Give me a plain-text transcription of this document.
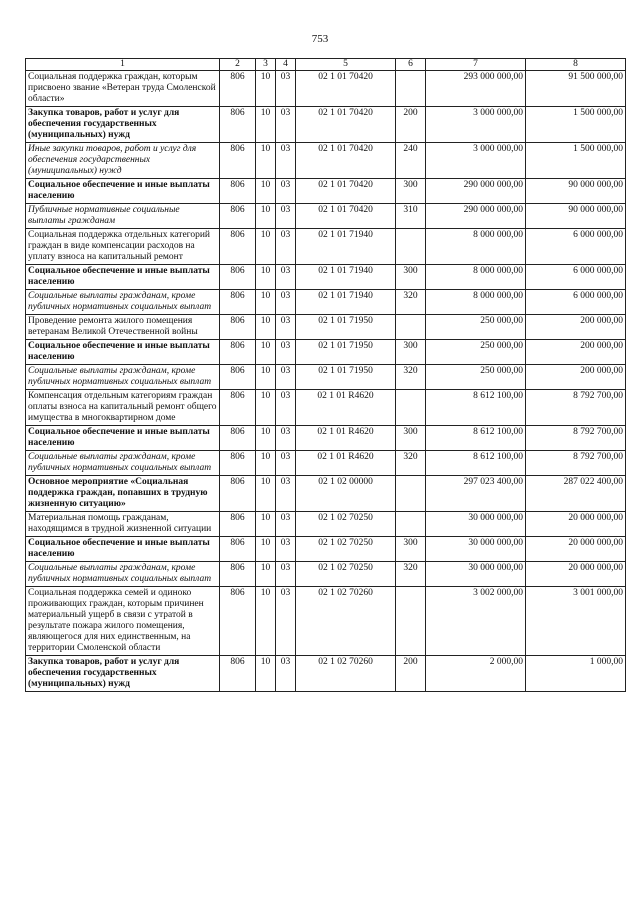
753
1	2	3	4	5	6	7	8
Социальная поддержка граждан, которым присвоено звание «Ветеран труда Смоленской области»	806	10	03	02 1 01 70420		293 000 000,00	91 500 000,00
Закупка товаров, работ и услуг для обеспечения государственных (муниципальных) нужд	806	10	03	02 1 01 70420	200	3 000 000,00	1 500 000,00
Иные закупки товаров, работ и услуг для обеспечения государственных (муниципальных) нужд	806	10	03	02 1 01 70420	240	3 000 000,00	1 500 000,00
Социальное обеспечение и иные выплаты населению	806	10	03	02 1 01 70420	300	290 000 000,00	90 000 000,00
Публичные нормативные социальные выплаты гражданам	806	10	03	02 1 01 70420	310	290 000 000,00	90 000 000,00
Социальная поддержка отдельных категорий граждан в виде компенсации расходов на уплату взноса на капитальный ремонт	806	10	03	02 1 01 71940		8 000 000,00	6 000 000,00
Социальное обеспечение и иные выплаты населению	806	10	03	02 1 01 71940	300	8 000 000,00	6 000 000,00
Социальные выплаты гражданам, кроме публичных нормативных социальных выплат	806	10	03	02 1 01 71940	320	8 000 000,00	6 000 000,00
Проведение ремонта жилого помещения ветеранам Великой Отечественной войны	806	10	03	02 1 01 71950		250 000,00	200 000,00
Социальное обеспечение и иные выплаты населению	806	10	03	02 1 01 71950	300	250 000,00	200 000,00
Социальные выплаты гражданам, кроме публичных нормативных социальных выплат	806	10	03	02 1 01 71950	320	250 000,00	200 000,00
Компенсация отдельным категориям граждан оплаты взноса на капитальный ремонт общего имущества в многоквартирном доме	806	10	03	02 1 01 R4620		8 612 100,00	8 792 700,00
Социальное обеспечение и иные выплаты населению	806	10	03	02 1 01 R4620	300	8 612 100,00	8 792 700,00
Социальные выплаты гражданам, кроме публичных нормативных социальных выплат	806	10	03	02 1 01 R4620	320	8 612 100,00	8 792 700,00
Основное мероприятие «Социальная поддержка граждан, попавших в трудную жизненную ситуацию»	806	10	03	02 1 02 00000		297 023 400,00	287 022 400,00
Материальная помощь гражданам, находящимся в трудной жизненной ситуации	806	10	03	02 1 02 70250		30 000 000,00	20 000 000,00
Социальное обеспечение и иные выплаты населению	806	10	03	02 1 02 70250	300	30 000 000,00	20 000 000,00
Социальные выплаты гражданам, кроме публичных нормативных социальных выплат	806	10	03	02 1 02 70250	320	30 000 000,00	20 000 000,00
Социальная поддержка семей и одиноко проживающих граждан, которым причинен материальный ущерб в связи с утратой в результате пожара жилого помещения, являющегося для них единственным, на территории Смоленской области	806	10	03	02 1 02 70260		3 002 000,00	3 001 000,00
Закупка товаров, работ и услуг для обеспечения государственных (муниципальных) нужд	806	10	03	02 1 02 70260	200	2 000,00	1 000,00
